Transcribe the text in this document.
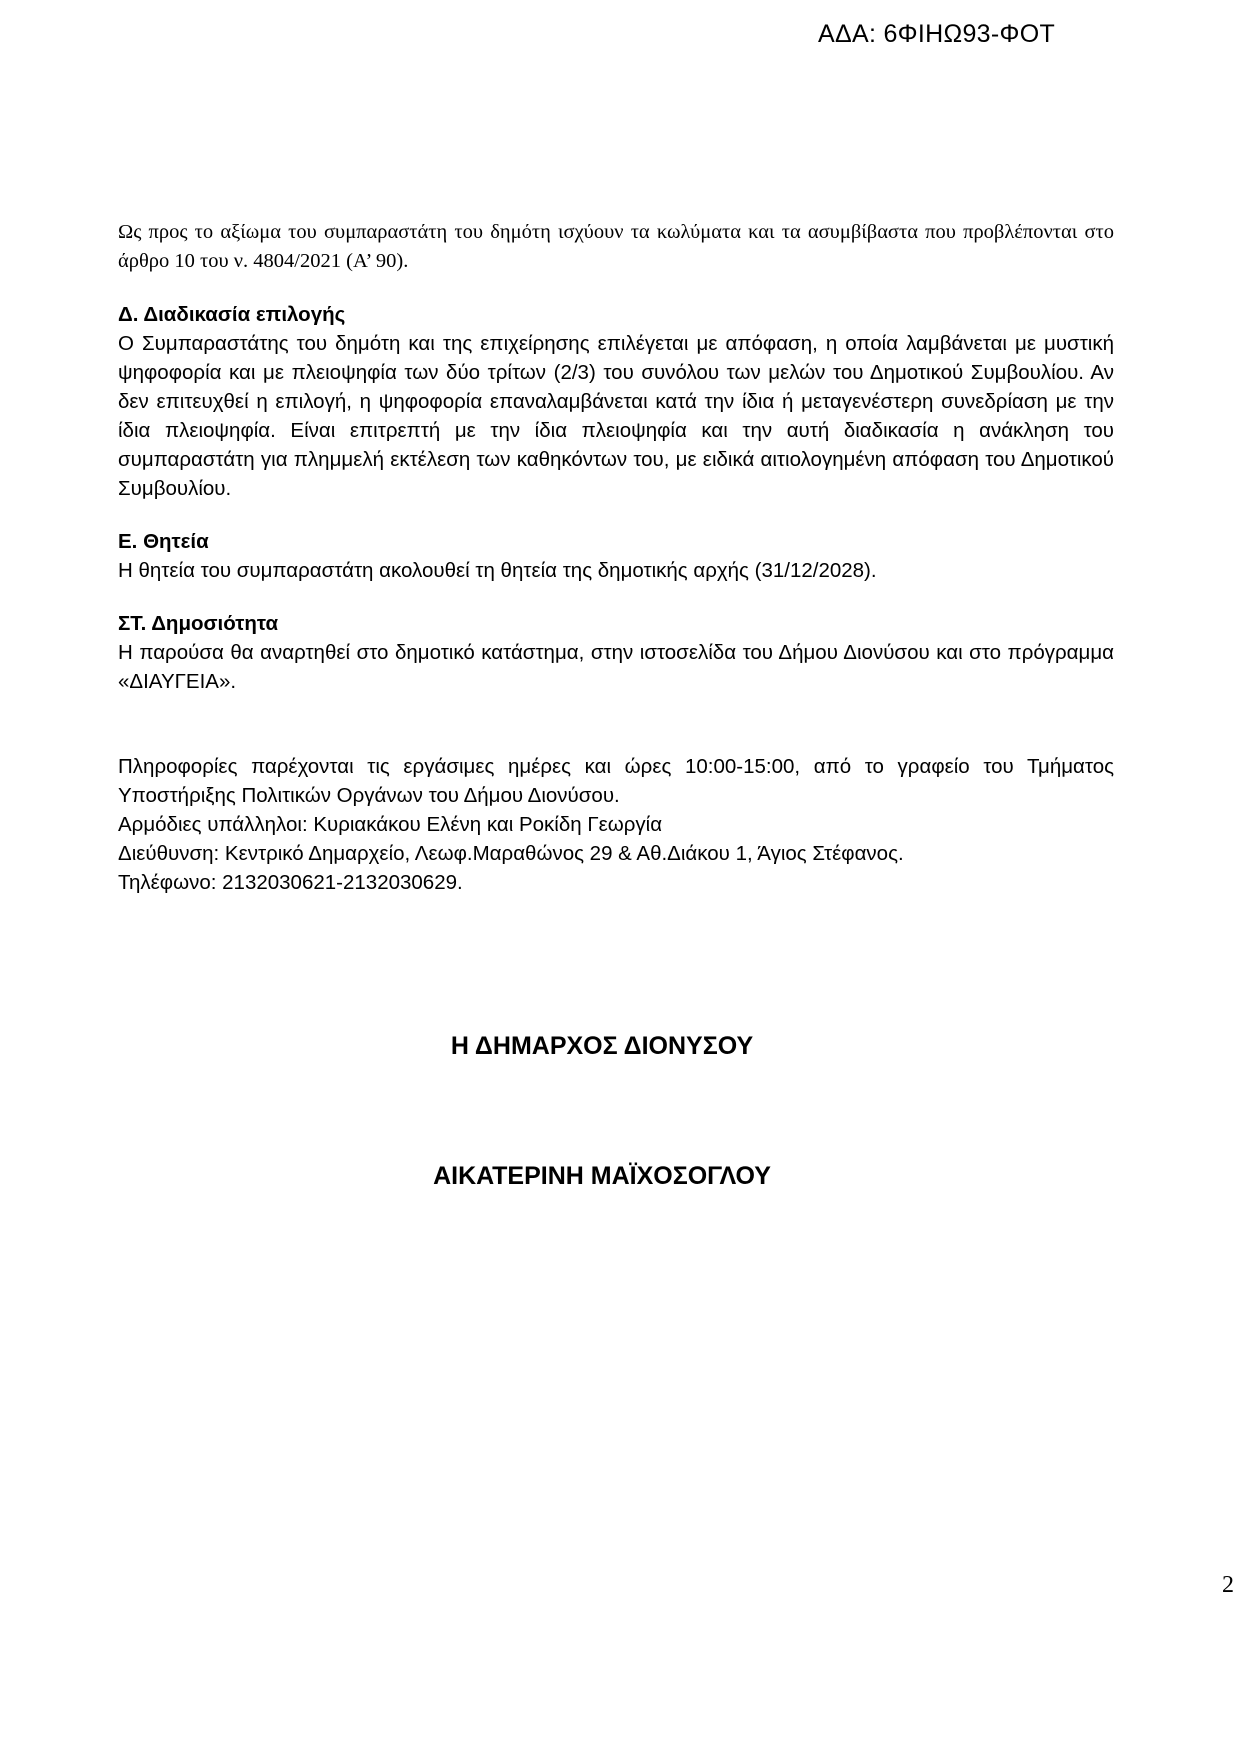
ΑΔΑ: 6ΦΙΗΩ93-ΦΟΤ

Ως προς το αξίωμα του συμπαραστάτη του δημότη ισχύουν τα κωλύματα και τα ασυμβίβαστα που προβλέπονται στο άρθρο 10 του ν. 4804/2021 (Α’ 90).

Δ. Διαδικασία επιλογής

Ο Συμπαραστάτης του δημότη και της επιχείρησης επιλέγεται με απόφαση, η οποία λαμβάνεται με μυστική ψηφοφορία και με πλειοψηφία των δύο τρίτων (2/3) του συνόλου των μελών του Δημοτικού Συμβουλίου. Αν δεν επιτευχθεί η επιλογή, η ψηφοφορία επαναλαμβάνεται κατά την ίδια ή μεταγενέστερη συνεδρίαση με την ίδια πλειοψηφία. Είναι επιτρεπτή με την ίδια πλειοψηφία και την αυτή διαδικασία η ανάκληση του συμπαραστάτη για πλημμελή εκτέλεση των καθηκόντων του, με ειδικά αιτιολογημένη απόφαση του Δημοτικού Συμβουλίου.

Ε. Θητεία

Η θητεία του συμπαραστάτη ακολουθεί τη θητεία της δημοτικής αρχής (31/12/2028).

ΣΤ. Δημοσιότητα

Η παρούσα θα αναρτηθεί στο δημοτικό κατάστημα, στην ιστοσελίδα του Δήμου Διονύσου και στο πρόγραμμα «ΔΙΑΥΓΕΙΑ».

Πληροφορίες παρέχονται τις εργάσιμες ημέρες και ώρες 10:00-15:00, από το γραφείο του Τμήματος Υποστήριξης Πολιτικών Οργάνων του Δήμου Διονύσου.

Αρμόδιες υπάλληλοι: Κυριακάκου Ελένη και Ροκίδη Γεωργία

Διεύθυνση: Κεντρικό Δημαρχείο, Λεωφ.Μαραθώνος 29 & Αθ.Διάκου 1, Άγιος Στέφανος.

Τηλέφωνο: 2132030621-2132030629.

Η ΔΗΜΑΡΧΟΣ ΔΙΟΝΥΣΟΥ
ΑΙΚΑΤΕΡΙΝΗ ΜΑΪΧΟΣΟΓΛΟΥ
2
